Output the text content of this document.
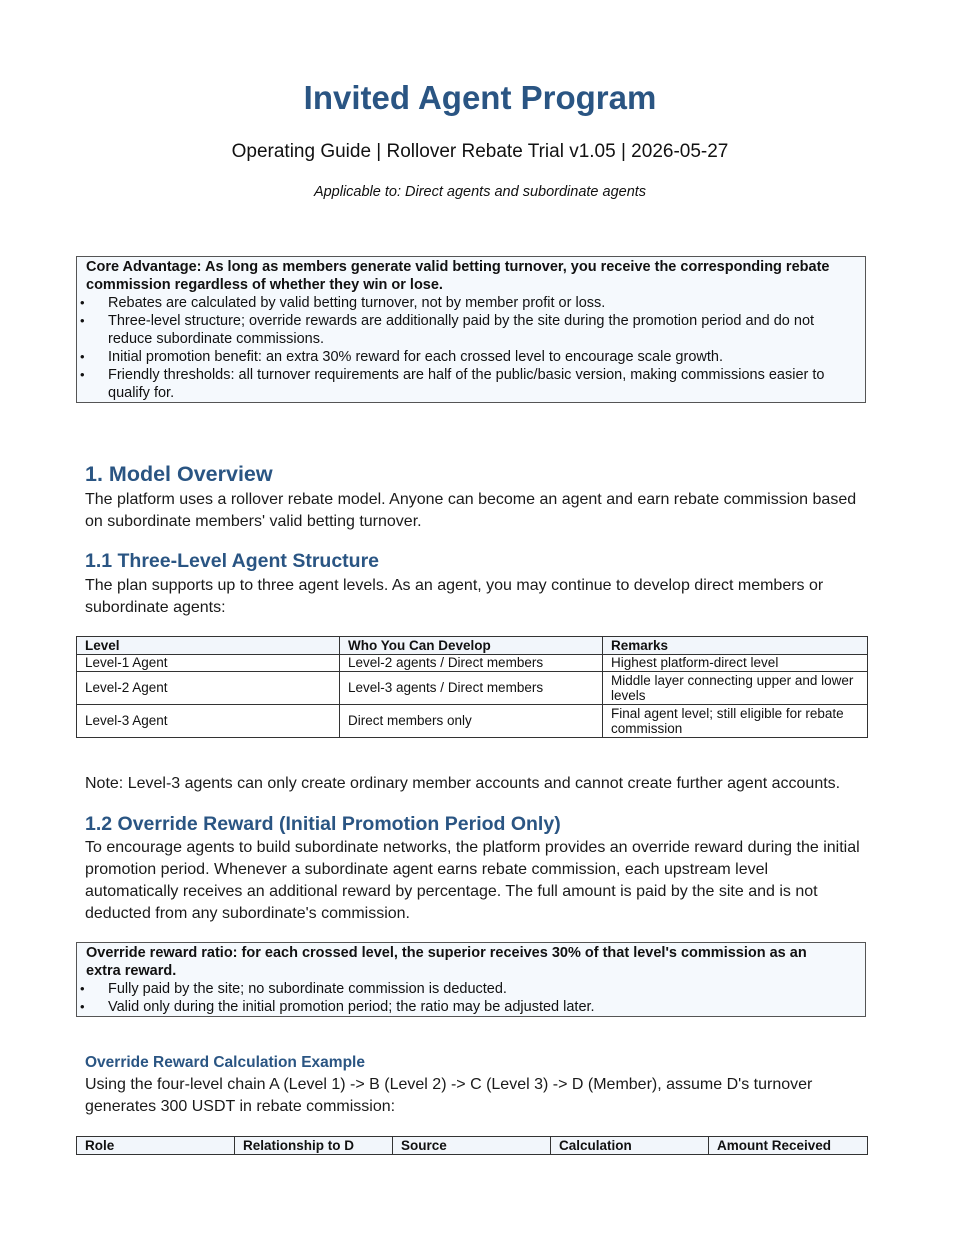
Invited Agent Program
Operating Guide | Rollover Rebate Trial v1.05 | 2026-05-27
Applicable to: Direct agents and subordinate agents
Core Advantage: As long as members generate valid betting turnover, you receive the corresponding rebate commission regardless of whether they win or lose.
• Rebates are calculated by valid betting turnover, not by member profit or loss.
• Three-level structure; override rewards are additionally paid by the site during the promotion period and do not reduce subordinate commissions.
• Initial promotion benefit: an extra 30% reward for each crossed level to encourage scale growth.
• Friendly thresholds: all turnover requirements are half of the public/basic version, making commissions easier to qualify for.
1. Model Overview
The platform uses a rollover rebate model. Anyone can become an agent and earn rebate commission based on subordinate members' valid betting turnover.
1.1 Three-Level Agent Structure
The plan supports up to three agent levels. As an agent, you may continue to develop direct members or subordinate agents:
Level	Who You Can Develop	Remarks
Level-1 Agent	Level-2 agents / Direct members	Highest platform-direct level
Level-2 Agent	Level-3 agents / Direct members	Middle layer connecting upper and lower levels
Level-3 Agent	Direct members only	Final agent level; still eligible for rebate commission
Note: Level-3 agents can only create ordinary member accounts and cannot create further agent accounts.
1.2 Override Reward (Initial Promotion Period Only)
To encourage agents to build subordinate networks, the platform provides an override reward during the initial promotion period. Whenever a subordinate agent earns rebate commission, each upstream level automatically receives an additional reward by percentage. The full amount is paid by the site and is not deducted from any subordinate's commission.
Override reward ratio: for each crossed level, the superior receives 30% of that level's commission as an extra reward.
• Fully paid by the site; no subordinate commission is deducted.
• Valid only during the initial promotion period; the ratio may be adjusted later.
Override Reward Calculation Example
Using the four-level chain A (Level 1) -> B (Level 2) -> C (Level 3) -> D (Member), assume D's turnover generates 300 USDT in rebate commission:
Role	Relationship to D	Source	Calculation	Amount Received
